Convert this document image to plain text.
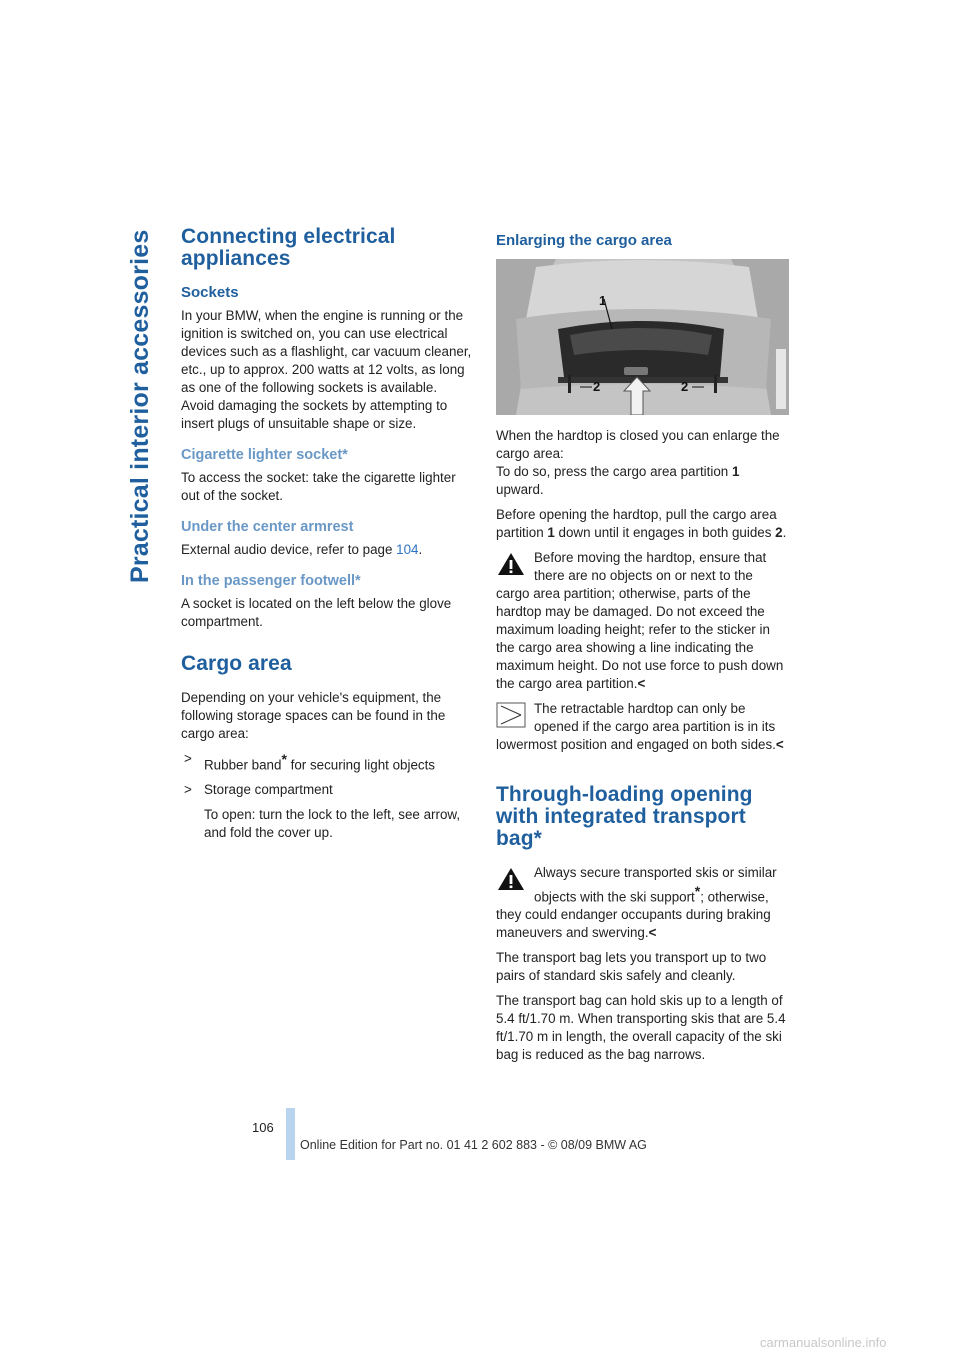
Practical interior accessories Connecting electrical appliances
Sockets

In your BMW, when the engine is running or the ignition is switched on, you can use electrical devices such as a flashlight, car vacuum cleaner, etc., up to approx. 200 watts at 12 volts, as long as one of the following sockets is available. Avoid damaging the sockets by attempting to insert plugs of unsuitable shape or size.

Cigarette lighter socket*

To access the socket: take the cigarette lighter out of the socket.

Under the center armrest

External audio device, refer to page 104.

In the passenger footwell*

A socket is located on the left below the glove compartment.

Cargo area

Depending on your vehicle's equipment, the following storage spaces can be found in the cargo area:

> Rubber band* for securing light objects
> Storage compartment
To open: turn the lock to the left, see arrow, and fold the cover up.
Enlarging the cargo area
1
2	2

When the hardtop is closed you can enlarge the cargo area:
To do so, press the cargo area partition 1 upward.

Before opening the hardtop, pull the cargo area partition 1 down until it engages in both guides 2.

Before moving the hardtop, ensure that there are no objects on or next to the cargo area partition; otherwise, parts of the hardtop may be damaged. Do not exceed the maximum loading height; refer to the sticker in the cargo area showing a line indicating the maximum height. Do not use force to push down the cargo area partition.<

The retractable hardtop can only be opened if the cargo area partition is in its lowermost position and engaged on both sides.<

Through-loading opening with integrated transport bag*

Always secure transported skis or similar objects with the ski support*; otherwise, they could endanger occupants during braking maneuvers and swerving.<

The transport bag lets you transport up to two pairs of standard skis safely and cleanly.

The transport bag can hold skis up to a length of 5.4 ft/1.70 m. When transporting skis that are 5.4 ft/1.70 m in length, the overall capacity of the ski bag is reduced as the bag narrows.

106
Online Edition for Part no. 01 41 2 602 883 - © 08/09 BMW AG
carmanualsonline.info
